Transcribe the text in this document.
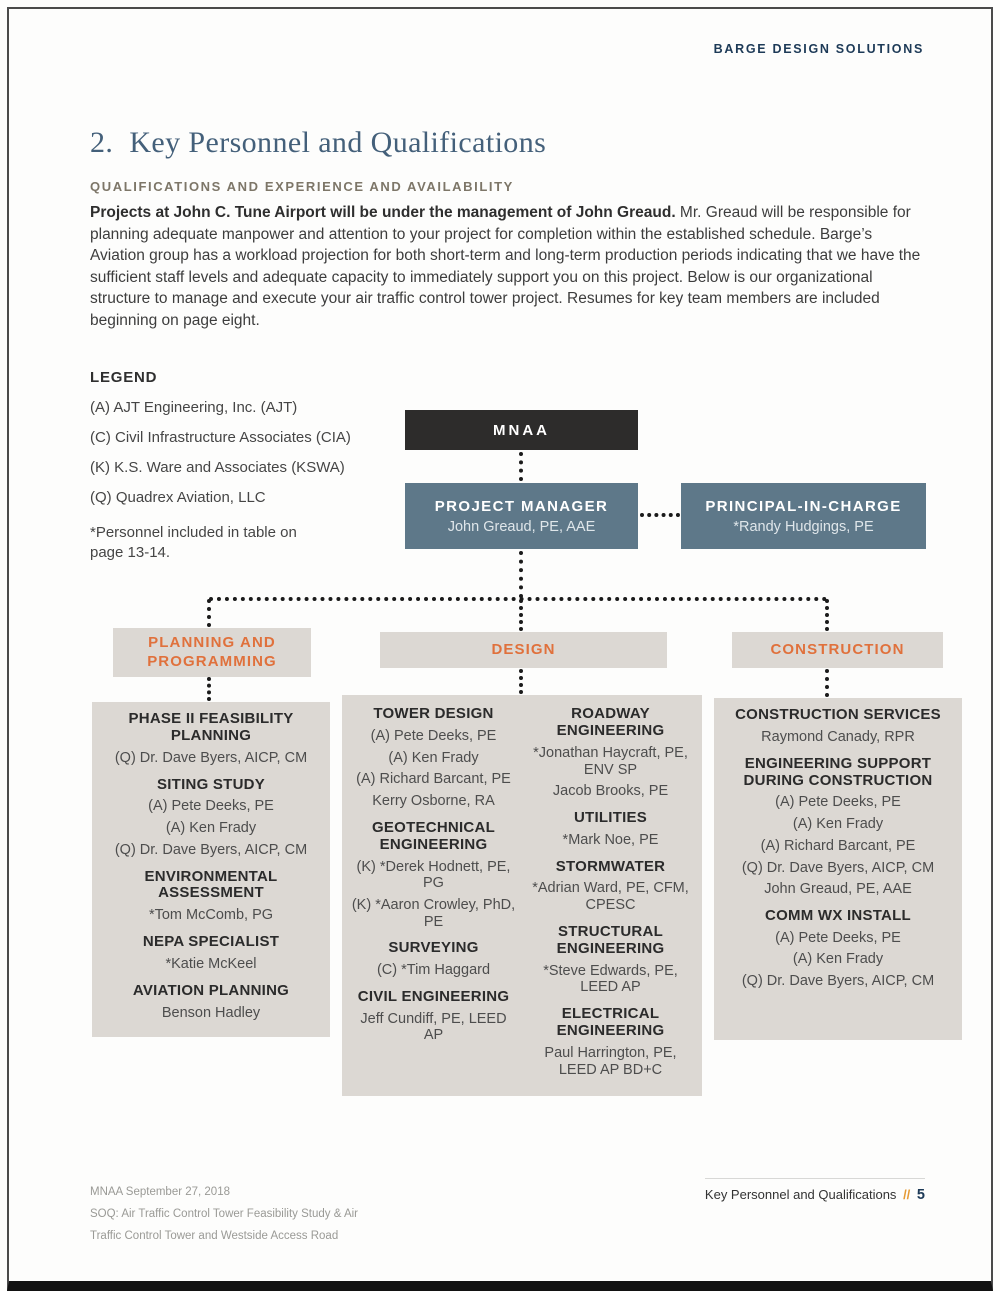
BARGE DESIGN SOLUTIONS
2. Key Personnel and Qualifications
QUALIFICATIONS AND EXPERIENCE AND AVAILABILITY

Projects at John C. Tune Airport will be under the management of John Greaud. Mr. Greaud will be responsible for planning adequate manpower and attention to your project for completion within the established schedule. Barge’s Aviation group has a workload projection for both short-term and long-term production periods indicating that we have the sufficient staff levels and adequate capacity to immediately support you on this project. Below is our organizational structure to manage and execute your air traffic control tower project. Resumes for key team members are included beginning on page eight.

LEGEND
(A) AJT Engineering, Inc. (AJT)
(C) Civil Infrastructure Associates (CIA)
(K) K.S. Ware and Associates (KSWA)
(Q) Quadrex Aviation, LLC
*Personnel included in table on page 13-14.
MNAA
PROJECT MANAGER
John Greaud, PE, AAE
PRINCIPAL-IN-CHARGE
*Randy Hudgings, PE
PLANNING AND PROGRAMMING
DESIGN	CONSTRUCTION
PHASE II FEASIBILITY PLANNING
(Q) Dr. Dave Byers, AICP, CM
SITING STUDY
(A) Pete Deeks, PE
(A) Ken Frady
(Q) Dr. Dave Byers, AICP, CM
ENVIRONMENTAL ASSESSMENT
*Tom McComb, PG
NEPA SPECIALIST
*Katie McKeel
AVIATION PLANNING
Benson Hadley
TOWER DESIGN
(A) Pete Deeks, PE
(A) Ken Frady
(A) Richard Barcant, PE
Kerry Osborne, RA
GEOTECHNICAL ENGINEERING
(K) *Derek Hodnett, PE, PG
(K) *Aaron Crowley, PhD, PE
SURVEYING
(C) *Tim Haggard
CIVIL ENGINEERING
Jeff Cundiff, PE, LEED AP
ROADWAY ENGINEERING
*Jonathan Haycraft, PE, ENV SP
Jacob Brooks, PE
UTILITIES
*Mark Noe, PE
STORMWATER
*Adrian Ward, PE, CFM, CPESC
STRUCTURAL ENGINEERING
*Steve Edwards, PE, LEED AP
ELECTRICAL ENGINEERING
Paul Harrington, PE, LEED AP BD+C
CONSTRUCTION SERVICES
Raymond Canady, RPR
ENGINEERING SUPPORT DURING CONSTRUCTION
(A) Pete Deeks, PE
(A) Ken Frady
(A) Richard Barcant, PE
(Q) Dr. Dave Byers, AICP, CM
John Greaud, PE, AAE
COMM WX INSTALL
(A) Pete Deeks, PE
(A) Ken Frady
(Q) Dr. Dave Byers, AICP, CM
MNAA September 27, 2018
SOQ: Air Traffic Control Tower Feasibility Study & Air
Traffic Control Tower and Westside Access Road
Key Personnel and Qualifications // 5
